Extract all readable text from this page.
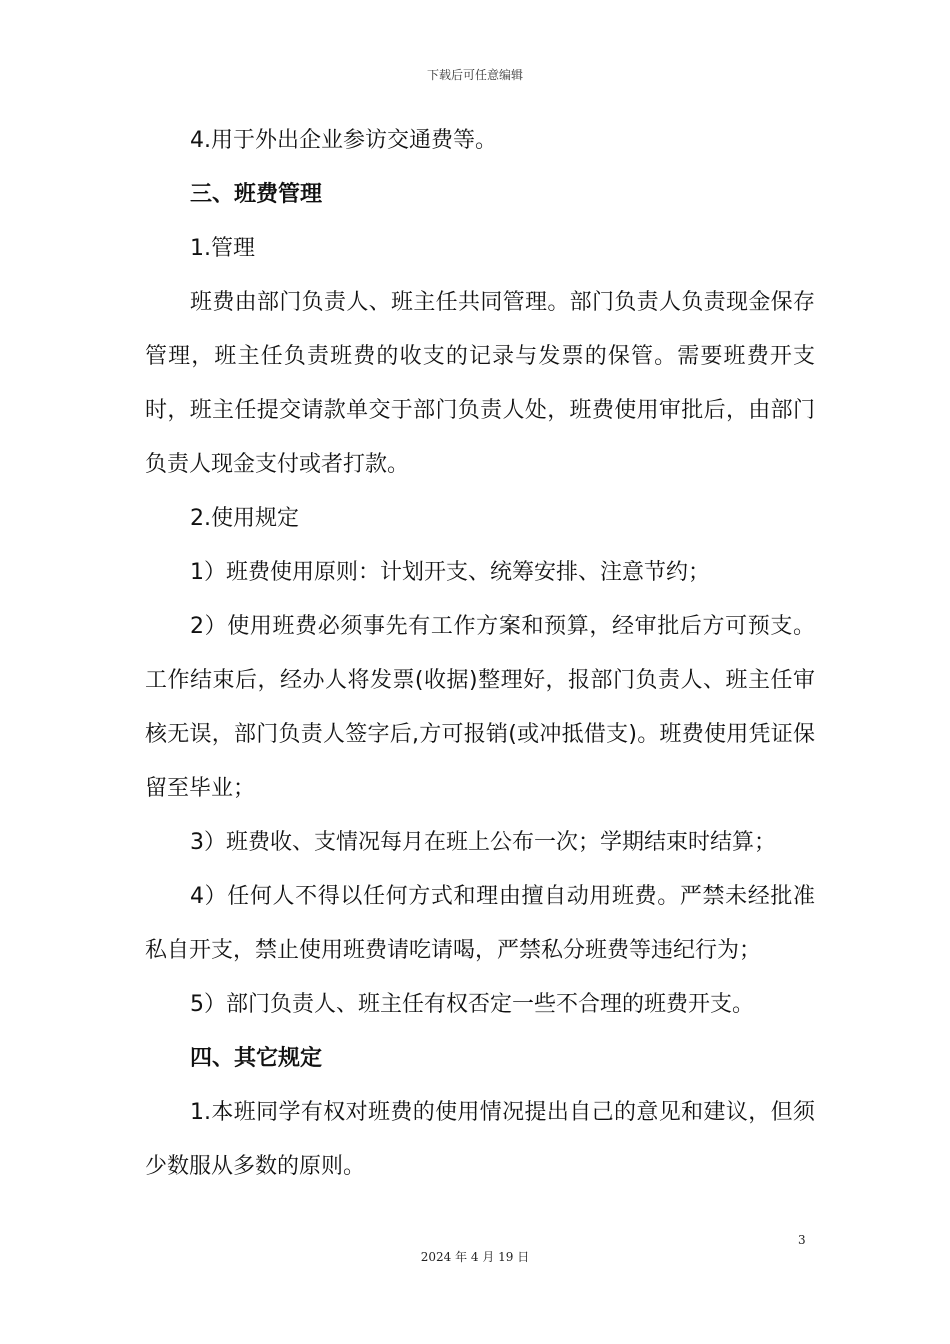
下载后可任意编辑

4.用于外出企业参访交通费等。

三、班费管理

1.管理

班费由部门负责人、班主任共同管理。部门负责人负责现金保存管理，班主任负责班费的收支的记录与发票的保管。需要班费开支时，班主任提交请款单交于部门负责人处，班费使用审批后，由部门负责人现金支付或者打款。

2.使用规定

1）班费使用原则：计划开支、统筹安排、注意节约；

2）使用班费必须事先有工作方案和预算，经审批后方可预支。工作结束后，经办人将发票(收据)整理好，报部门负责人、班主任审核无误，部门负责人签字后,方可报销(或冲抵借支)。班费使用凭证保留至毕业；

3）班费收、支情况每月在班上公布一次；学期结束时结算；

4）任何人不得以任何方式和理由擅自动用班费。严禁未经批准私自开支，禁止使用班费请吃请喝，严禁私分班费等违纪行为；

5）部门负责人、班主任有权否定一些不合理的班费开支。

四、其它规定

1.本班同学有权对班费的使用情况提出自己的意见和建议，但须少数服从多数的原则。

3
2024 年 4 月 19 日
